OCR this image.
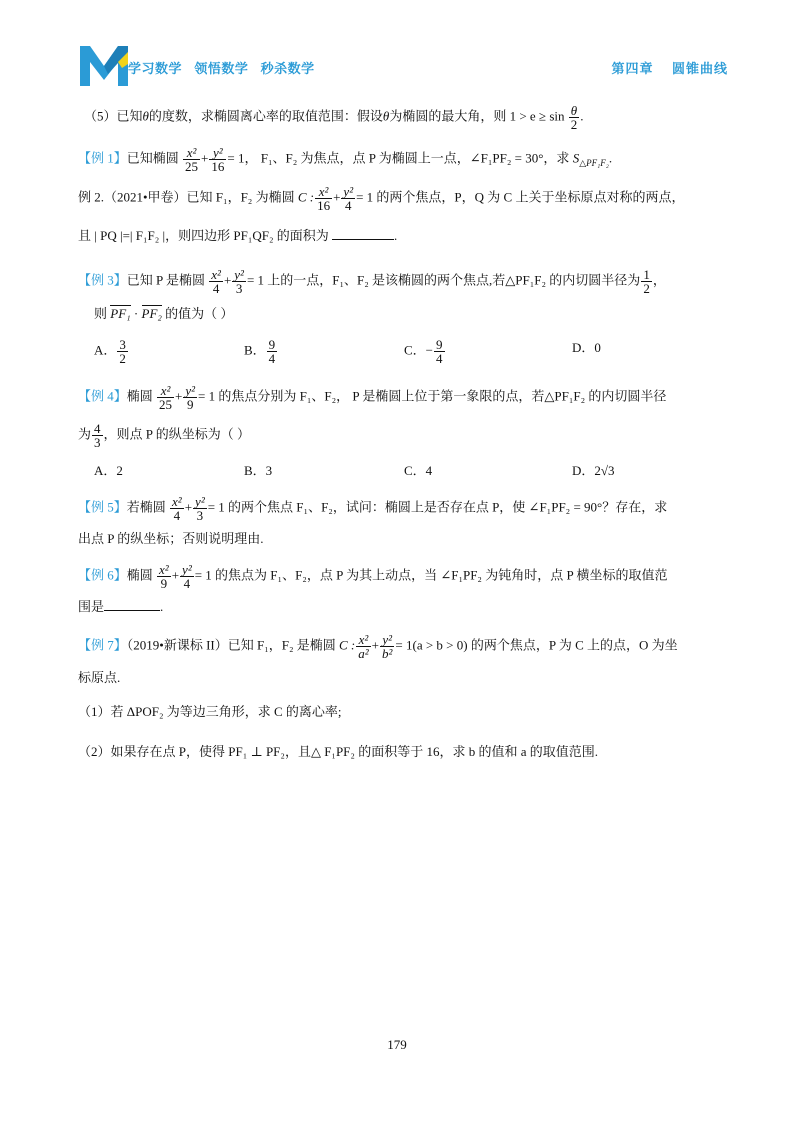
学习数学   领悟数学   秒杀数学	第四章    圆锥曲线
（5）已知θ的度数，求椭圆离心率的取值范围：假设θ为椭圆的最大角，则 $1 > e \ge \sin \frac{\theta}{2}$ .
【例 1】已知椭圆 $\frac{\text{x²}}{25} + \frac{\text{y²}}{16} = 1$， F₁、F₂ 为焦点，点 P 为椭圆上一点，∠F₁PF₂ = 30°，求 $S_{\triangle PF_1F_2}$.
例 2.（2021•甲卷）已知 F₁，F₂ 为椭圆 C : $\frac{\text{x²}}{16} + \frac{\text{y²}}{4} = 1$ 的两个焦点，P，Q 为 C 上关于坐标原点对称的两点，
且 | PQ |=| F₁F₂ |，则四边形 PF₁QF₂ 的面积为	.
【例 3】已知 P 是椭圆 $\frac{\text{x²}}{4} + \frac{\text{y²}}{3} = 1$ 上的一点，F₁、F₂ 是该椭圆的两个焦点,若△PF₁F₂ 的内切圆半径为 $\frac{1}{2}$ ，
则 PF₁ · PF₂ 的值为（ ）
A． $\frac{3}{2}$	B． $\frac{9}{4}$	C．− $\frac{9}{4}$	D．0
【例 4】椭圆 $\frac{\text{x²}}{25} + \frac{\text{y²}}{9} = 1$ 的焦点分别为 F₁、F₂， P 是椭圆上位于第一象限的点，若△PF₁F₂ 的内切圆半径
为 $\frac{4}{3}$ ，则点 P 的纵坐标为（ ）
A．2	B．3	C．4	D．2√3
【例 5】若椭圆 $\frac{\text{x²}}{4} + \frac{\text{y²}}{3} = 1$ 的两个焦点 F₁、F₂，试问：椭圆上是否存在点 P，使 ∠F₁PF₂ = 90°？存在，求
出点 P 的纵坐标；否则说明理由.
【例 6】椭圆 $\frac{\text{x²}}{9} + \frac{\text{y²}}{4} = 1$ 的焦点为 F₁、F₂，点 P 为其上动点，当 ∠F₁PF₂ 为钝角时，点 P 横坐标的取值范
围是	.
【例 7】（2019•新课标 II）已知 F₁，F₂ 是椭圆 C : $\frac{\text{x²}}{\text{a²}} + \frac{\text{y²}}{\text{b²}} = 1(a > b > 0)$ 的两个焦点，P 为 C 上的点，O 为坐
标原点.
（1）若 ΔPOF₂ 为等边三角形，求 C 的离心率;
（2）如果存在点 P，使得 PF₁ ⊥ PF₂，且△ F₁PF₂ 的面积等于 16，求 b 的值和 a 的取值范围.
179
